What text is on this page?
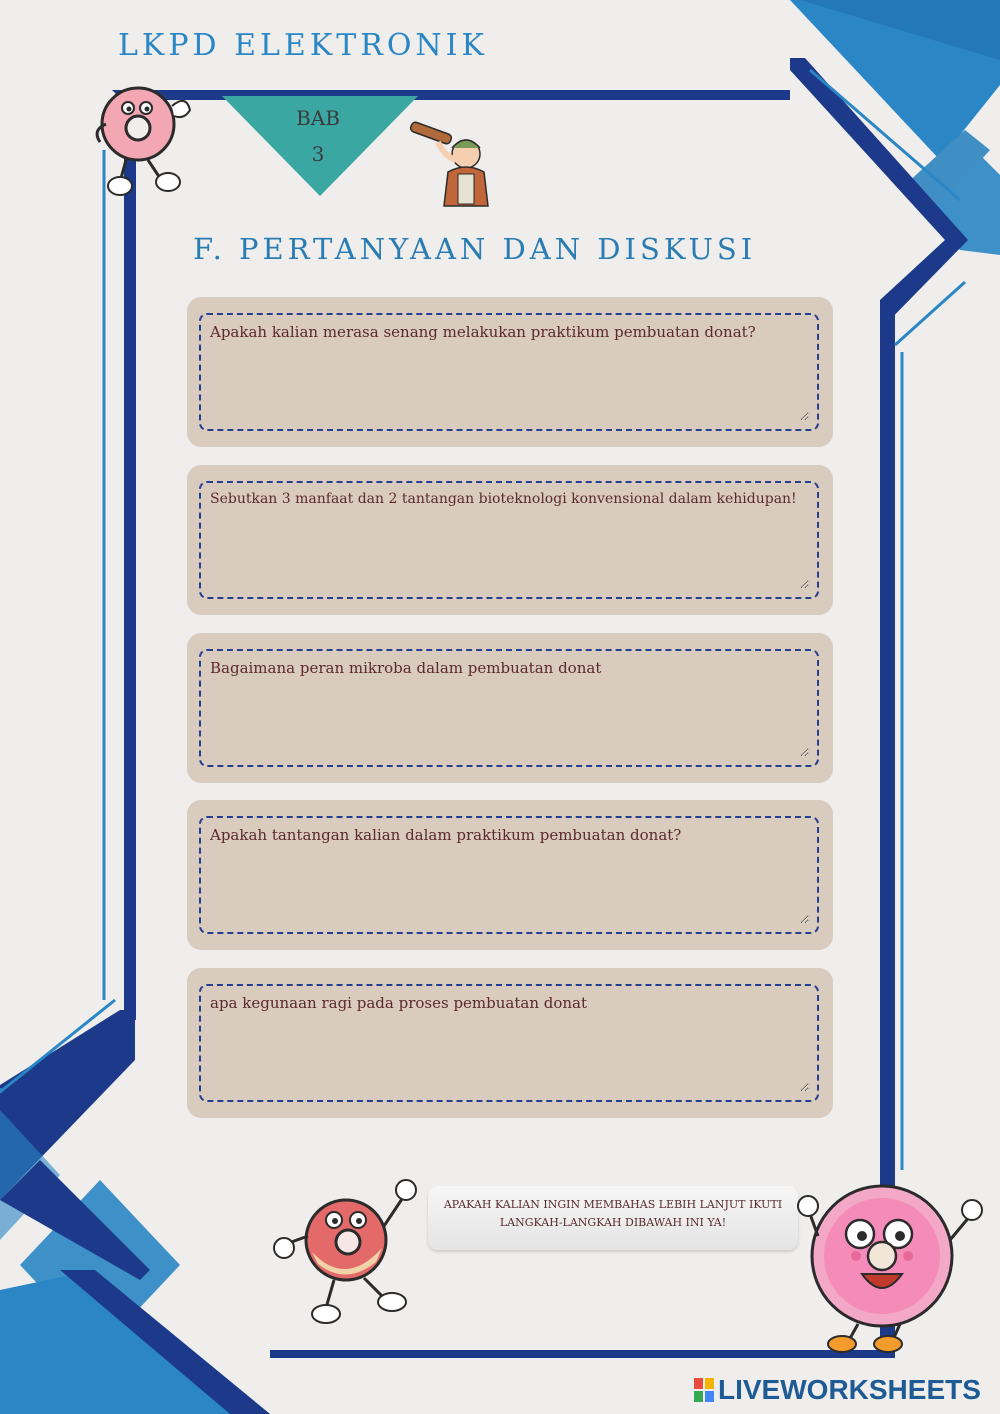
LKPD ELEKTRONIK
BAB
3
F. PERTANYAAN DAN DISKUSI
Apakah kalian merasa senang melakukan praktikum pembuatan donat?
Sebutkan 3 manfaat dan 2 tantangan bioteknologi konvensional dalam kehidupan!
Bagaimana peran mikroba dalam pembuatan donat
Apakah tantangan kalian dalam praktikum pembuatan donat?
apa kegunaan ragi pada proses pembuatan donat
APAKAH KALIAN INGIN MEMBAHAS LEBIH LANJUT IKUTI
LANGKAH-LANGKAH DIBAWAH INI YA!
LIVEWORKSHEETS
